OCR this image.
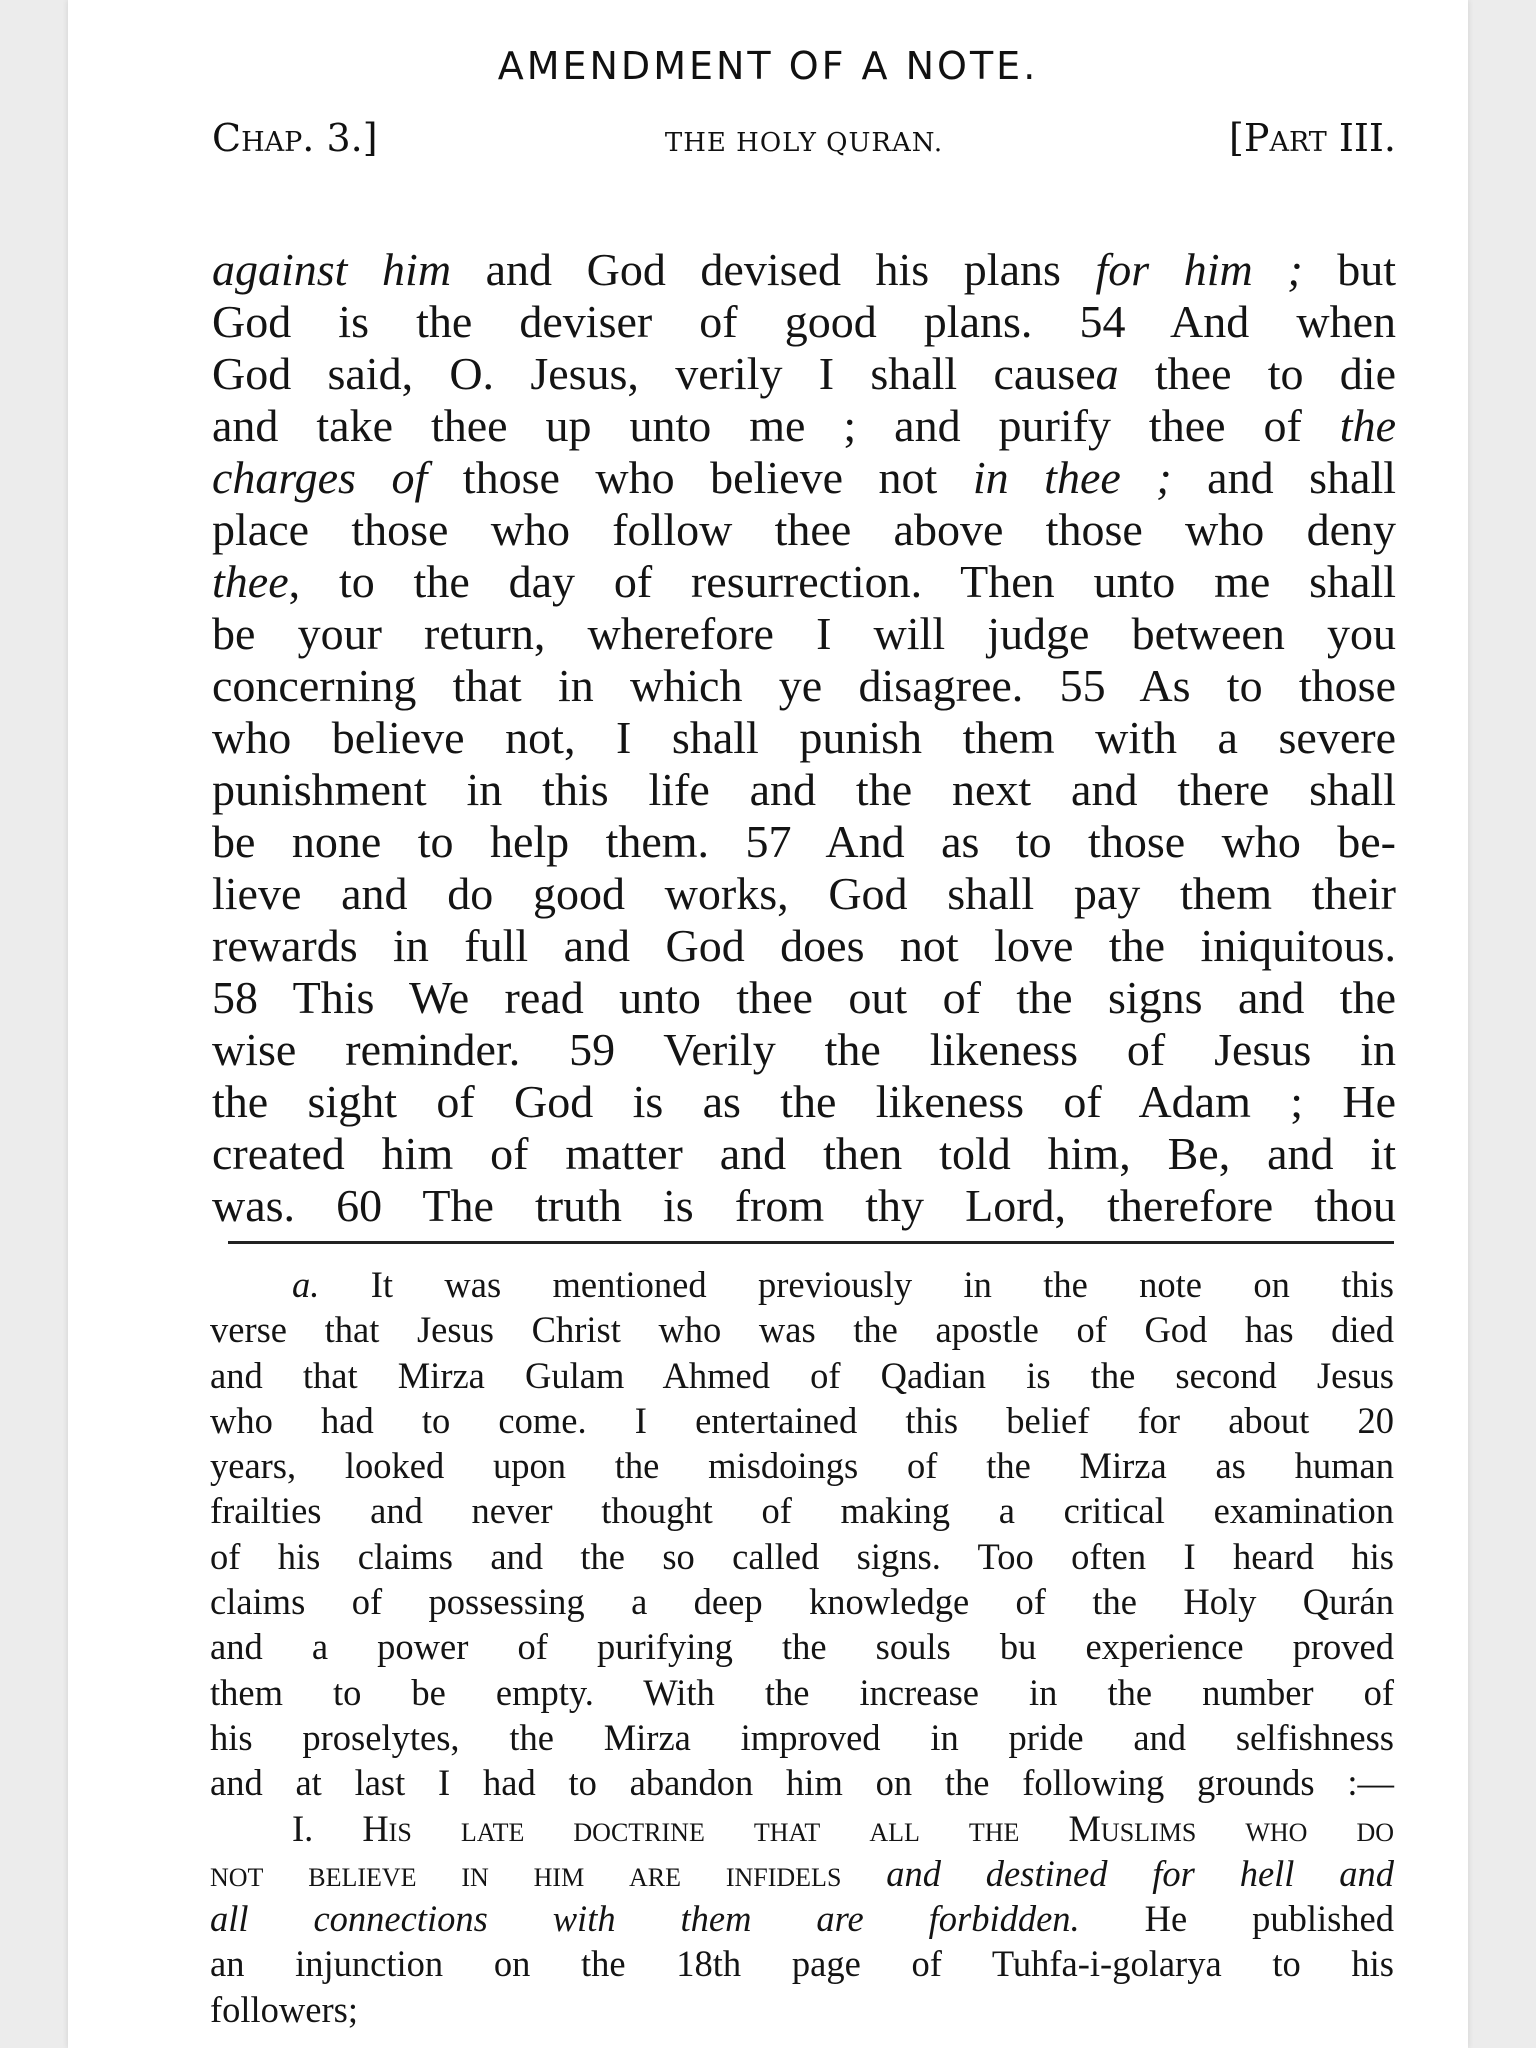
AMENDMENT OF A NOTE.
Chap. 3.]	THE HOLY QURAN.	[Part III.
against him and God devised his plans for him ; but
God is the deviser of good plans. 54 And when
God said, O. Jesus, verily I shall causea thee to die
and take thee up unto me ; and purify thee of the
charges of those who believe not in thee ; and shall
place those who follow thee above those who deny
thee, to the day of resurrection. Then unto me shall
be your return, wherefore I will judge between you
concerning that in which ye disagree. 55 As to those
who believe not, I shall punish them with a severe
punishment in this life and the next and there shall
be none to help them. 57 And as to those who be-
lieve and do good works, God shall pay them their
rewards in full and God does not love the iniquitous.
58 This We read unto thee out of the signs and the
wise reminder. 59 Verily the likeness of Jesus in
the sight of God is as the likeness of Adam ; He
created him of matter and then told him, Be, and it
was. 60 The truth is from thy Lord, therefore thou
a. It was mentioned previously in the note on this
verse that Jesus Christ who was the apostle of God has died
and that Mirza Gulam Ahmed of Qadian is the second Jesus
who had to come. I entertained this belief for about 20
years, looked upon the misdoings of the Mirza as human
frailties and never thought of making a critical examination
of his claims and the so called signs. Too often I heard his
claims of possessing a deep knowledge of the Holy Qurán
and a power of purifying the souls bu experience proved
them to be empty. With the increase in the number of
his proselytes, the Mirza improved in pride and selfishness
and at last I had to abandon him on the following grounds :—
I. His late doctrine that all the Muslims who do
not believe in him are infidels and destined for hell and
all connections with them are forbidden. He published
an injunction on the 18th page of Tuhfa-i-golarya to his
followers;
